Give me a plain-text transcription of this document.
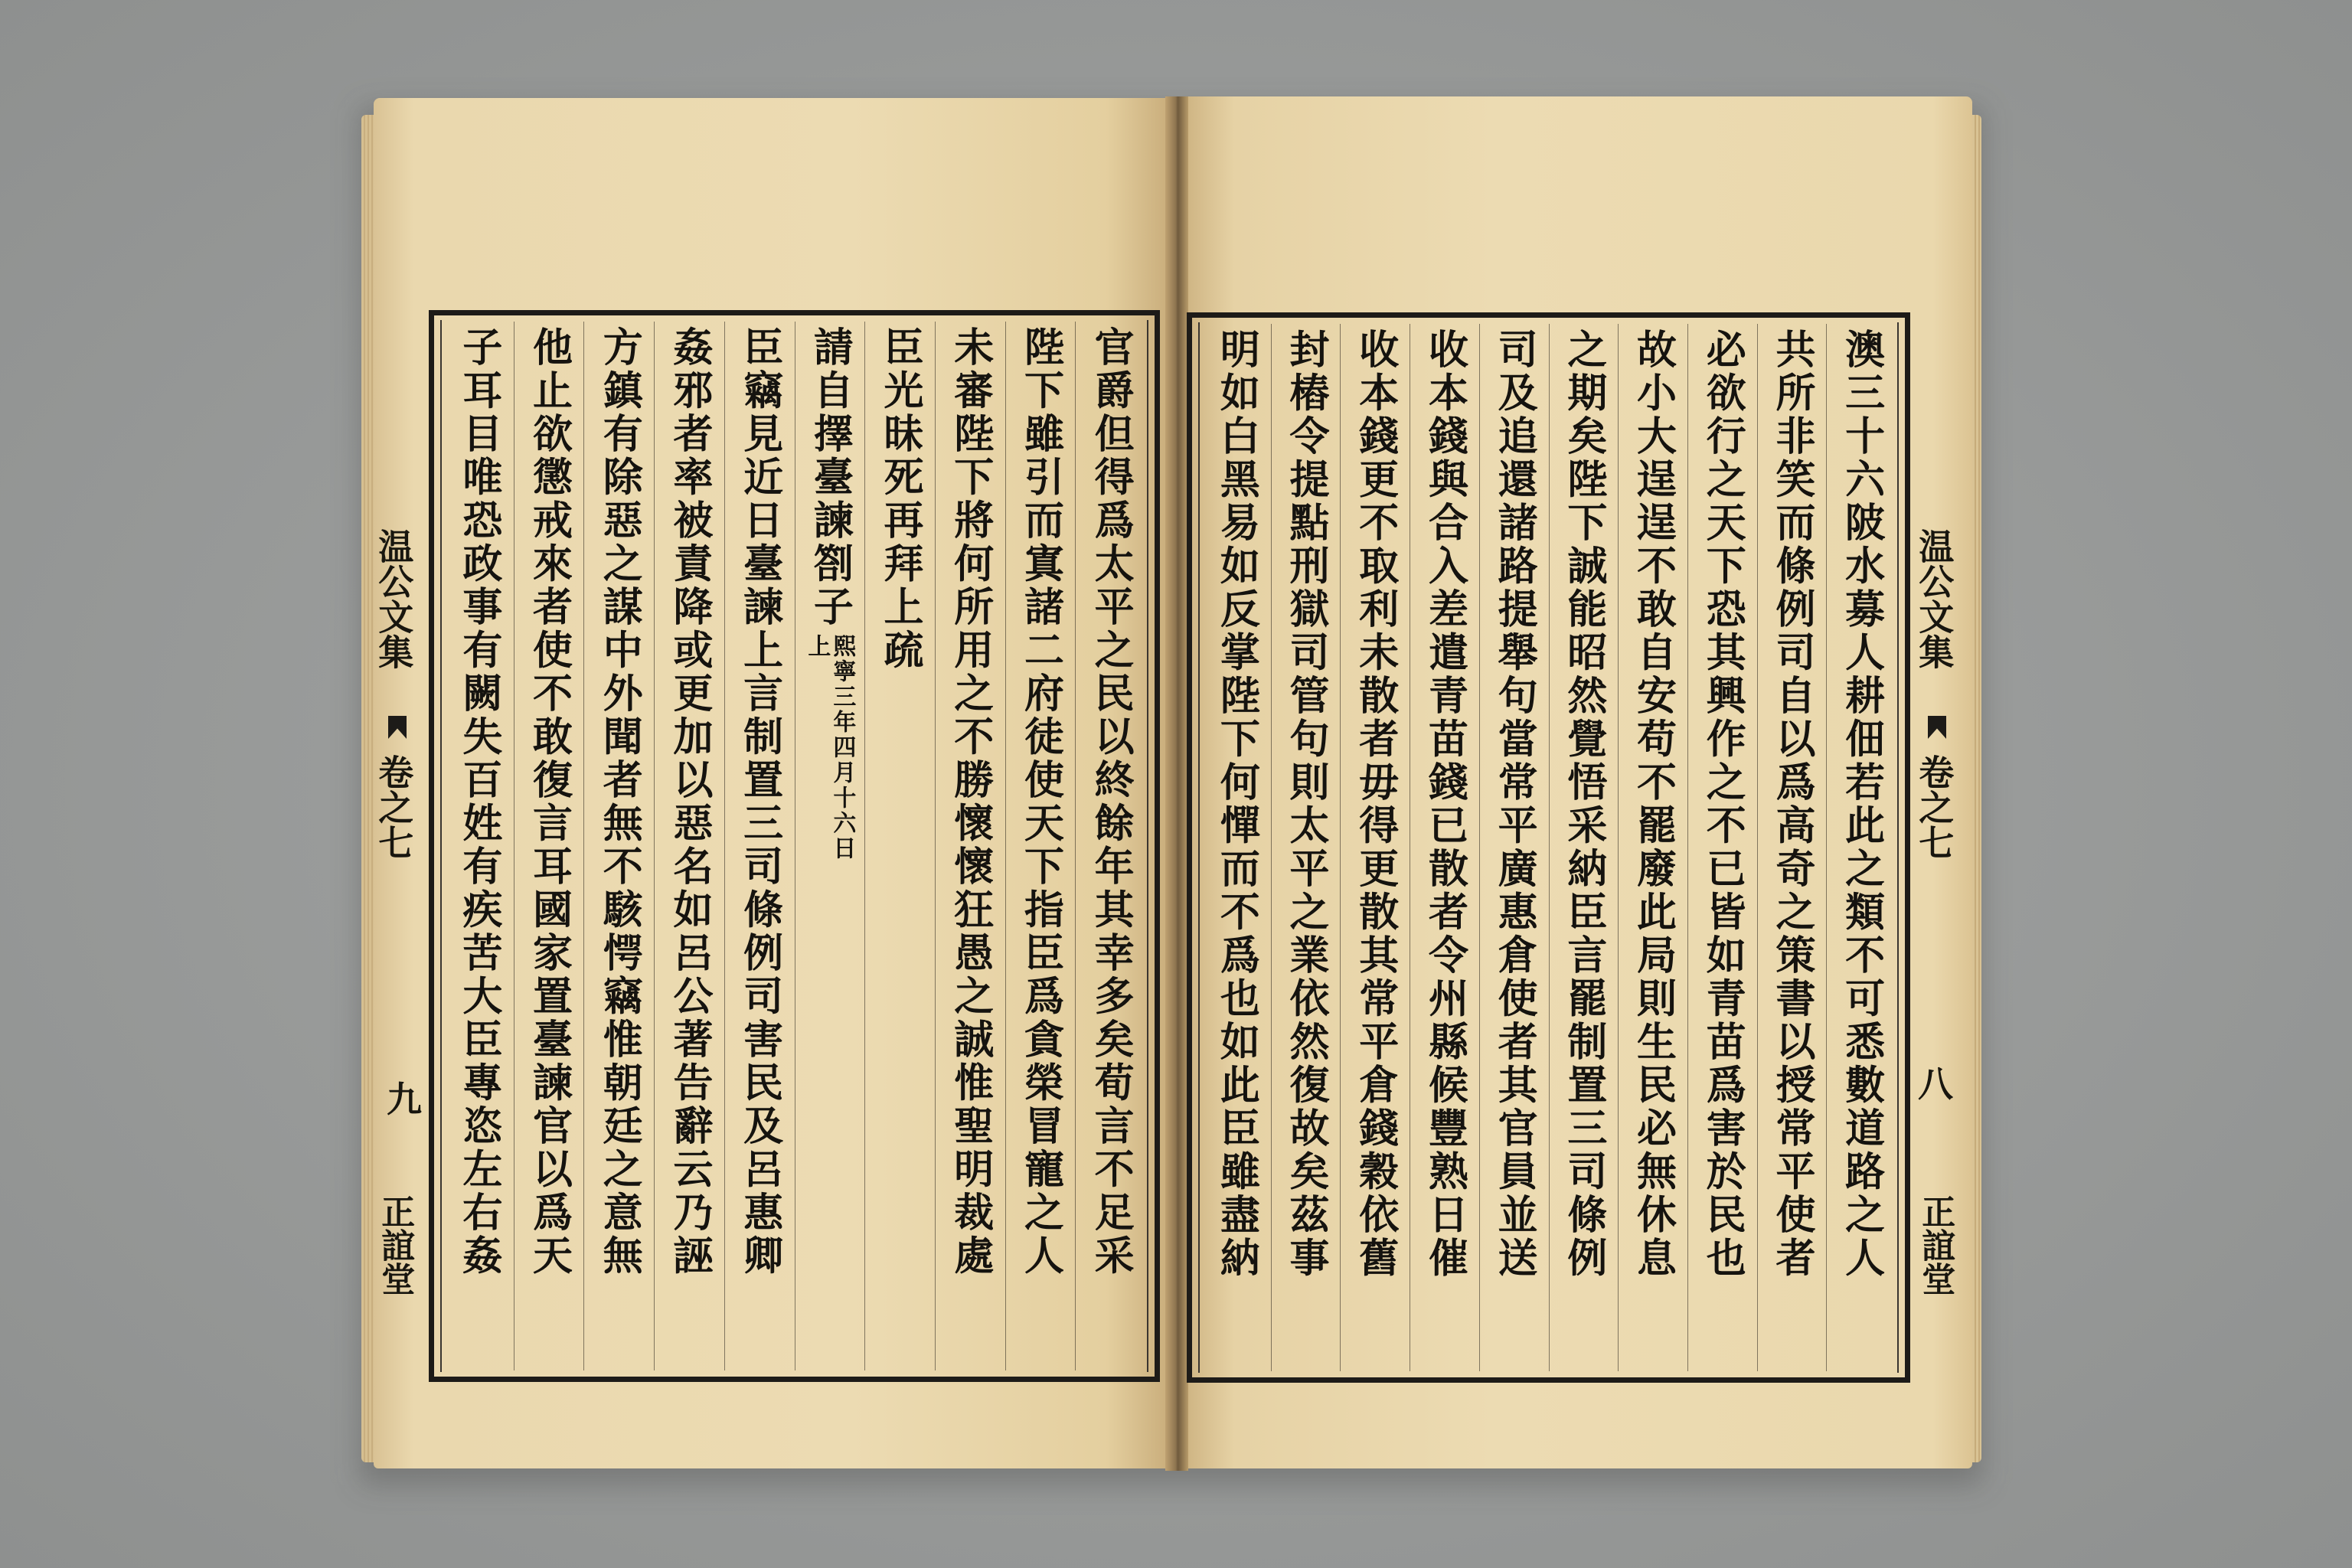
温公文集
卷之七
九
正誼堂	官爵但得爲太平之民以終餘年其幸多矣荀言不足采
陛下雖引而寘諸二府徒使天下指臣爲貪榮冒寵之人
未審陛下將何所用之不勝懷懷狂愚之誠惟聖明裁處
臣光昧死再拜上疏
請自擇臺諫劄子
熙寧三年四月十六日上
臣竊見近日臺諫上言制置三司條例司害民及呂惠卿
姦邪者率被責降或更加以惡名如呂公著告辭云乃誣
方鎮有除惡之謀中外聞者無不駭愕竊惟朝廷之意無
他止欲懲戒來者使不敢復言耳國家置臺諫官以爲天
子耳目唯恐政事有闕失百姓有疾苦大臣專恣左右姦	澳三十六陂水募人耕佃若此之類不可悉數道路之人
共所非笑而條例司自以爲高奇之策書以授常平使者
必欲行之天下恐其興作之不已皆如青苗爲害於民也
故小大逞逞不敢自安苟不罷廢此局則生民必無休息
之期矣陛下誠能昭然覺悟采納臣言罷制置三司條例
司及追還諸路提舉句當常平廣惠倉使者其官員並送
收本錢與合入差遣青苗錢已散者令州縣候豐熟日催
收本錢更不取利未散者毋得更散其常平倉錢穀依舊
封樁令提點刑獄司管句則太平之業依然復故矣茲事
明如白黑易如反掌陛下何憚而不爲也如此臣雖盡納	温公文集
卷之七
八
正誼堂
